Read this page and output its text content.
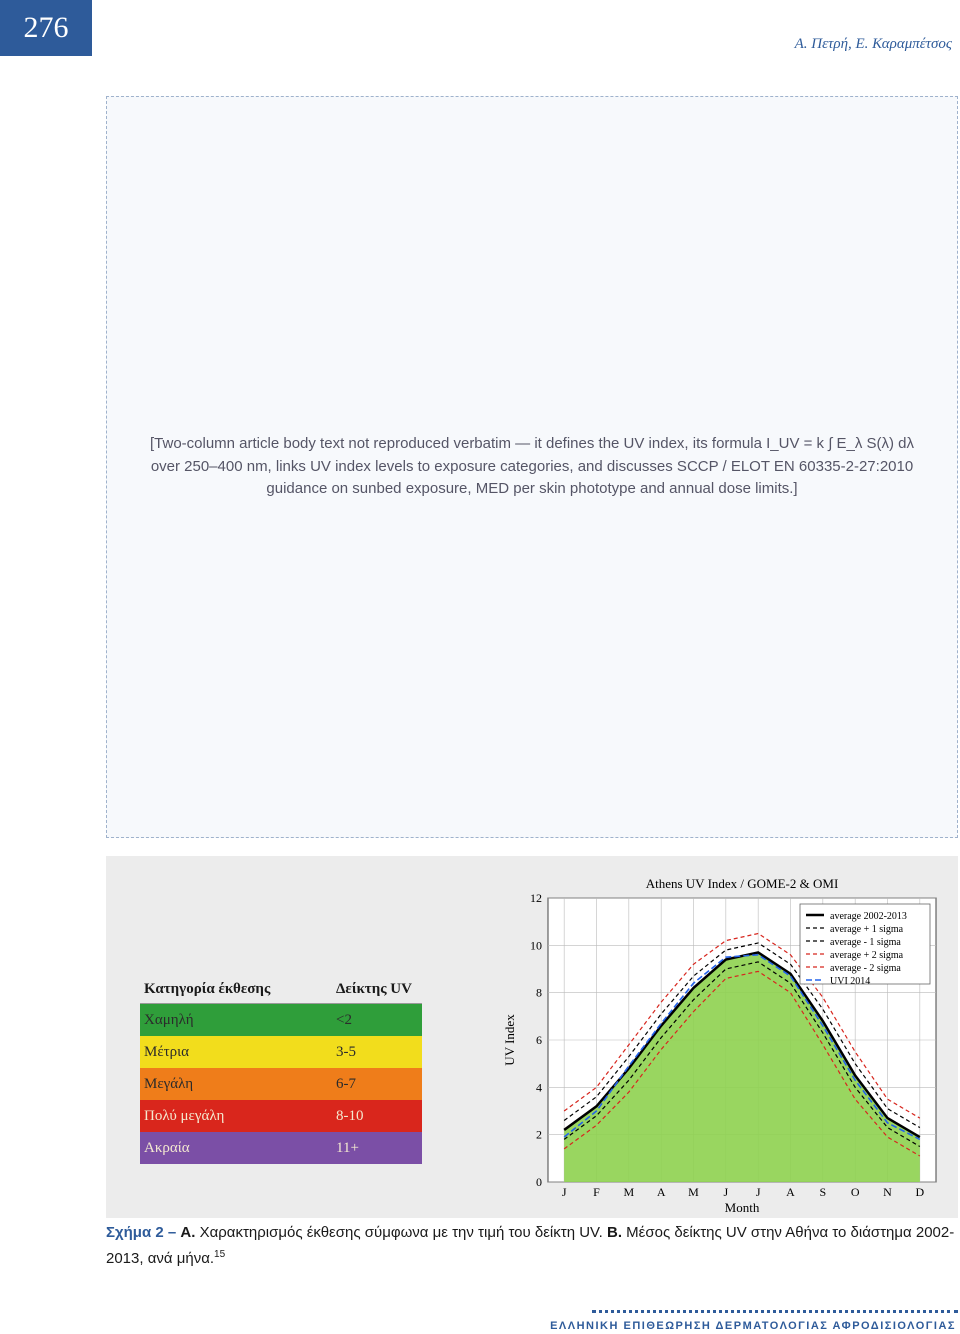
276	Α. Πετρή, Ε. Καραμπέτσος
[Two-column article body text not reproduced verbatim — it defines the UV index, its formula I_UV = k ∫ E_λ S(λ) dλ over 250–400 nm, links UV index levels to exposure categories, and discusses SCCP / ELOT EN 60335-2-27:2010 guidance on sunbed exposure, MED per skin phototype and annual dose limits.]
Κατηγορία έκθεσης	Δείκτης UV
Χαμηλή	<2
Μέτρια	3-5
Μεγάλη	6-7
Πολύ μεγάλη	8-10
Ακραία	11+
Athens UV Index / GOME-2 & OMI
0
2
4
6
8
10
12
J F M A M J J A S O N D
Month
UV Index
average 2002-2013
average + 1 sigma
average - 1 sigma
average + 2 sigma
average - 2 sigma
UVI 2014
Σχήμα 2 – Α. Χαρακτηρισμός έκθεσης σύμφωνα με την τιμή του δείκτη UV. Β. Μέσος δείκτης UV στην Αθήνα το διάστημα 2002-2013, ανά μήνα.$^{15}$
ΕΛΛΗΝΙΚΗ ΕΠΙΘΕΩΡΗΣΗ ΔΕΡΜΑΤΟΛΟΓΙΑΣ ΑΦΡΟΔΙΣΙΟΛΟΓΙΑΣ
